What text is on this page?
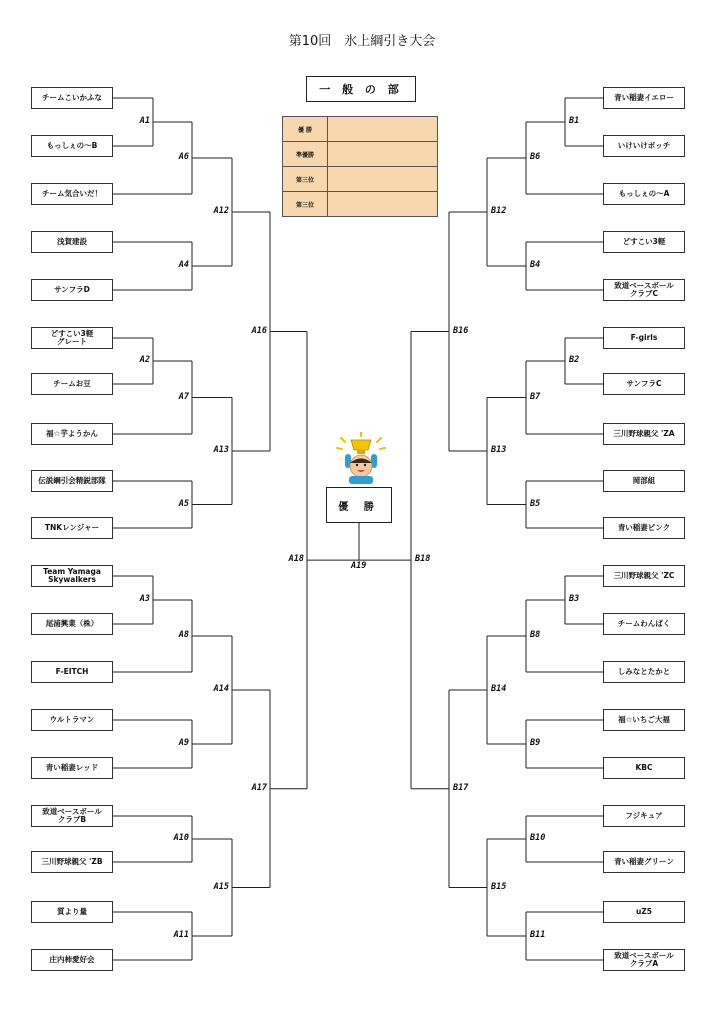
第10回　氷上綱引き大会
一 般 の 部
優 勝	
準優勝	
第三位	
第三位	
優 勝
チームこいかふな
もっしぇの〜B
チーム気合いだ！
浅賀建設
サンフラD
どすこい3軽
グレート
チームお豆
福☆芋ようかん
伝説綱引会精鋭部隊
TNKレンジャー
Team Yamaga
Skywalkers
尾浦興業（株）
F-EITCH
ウルトラマン
青い稲妻レッド
致道ベースボール
クラブB
三川野球親父 'ZB
質より量
庄内柿愛好会
青い稲妻イエロー
いけいけボッチ
もっしぇの〜A
どすこい3軽
致道ベースボール
クラブC
F-girls
サンフラC
三川野球親父 'ZA
岡部組
青い稲妻ピンク
三川野球親父 'ZC
チームわんぱく
しみなとたかと
福☆いちご大福
KBC
フジキュア
青い稲妻グリーン
uZ5
致道ベースボール
クラブA
A1
A2
A3
A4
A5
A6
A7
A8
A9
A10
A11
A12
A13
A14
A15
A16
A17
A18
B1
B2
B3
B4
B5
B6
B7
B8
B9
B10
B11
B12
B13
B14
B15
B16
B17
B18
A19
